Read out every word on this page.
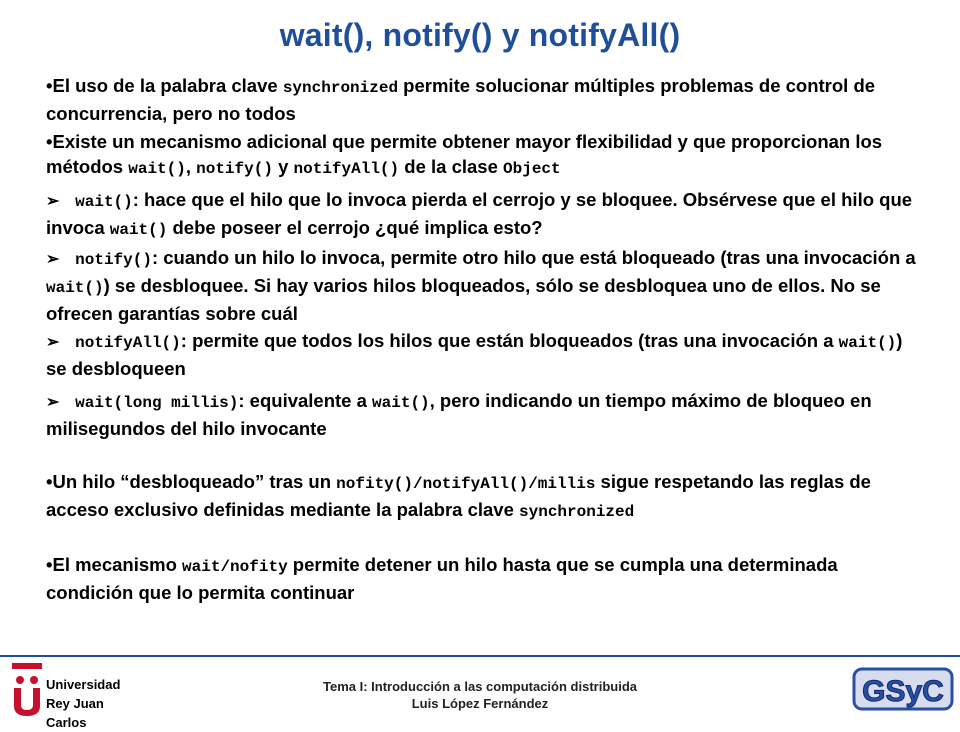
wait(), notify() y notifyAll()

•El uso de la palabra clave synchronized permite solucionar múltiples problemas de control de concurrencia, pero no todos

•Existe un mecanismo adicional que permite obtener mayor flexibilidad y que proporcionan los métodos wait(), notify() y notifyAll() de la clase Object

➢ wait(): hace que el hilo que lo invoca pierda el cerrojo y se bloquee. Obsérvese que el hilo que invoca wait() debe poseer el cerrojo ¿qué implica esto?

➢ notify(): cuando un hilo lo invoca, permite otro hilo que está bloqueado (tras una invocación a wait()) se desbloquee. Si hay varios hilos bloqueados, sólo se desbloquea uno de ellos. No se ofrecen garantías sobre cuál

➢ notifyAll(): permite que todos los hilos que están bloqueados (tras una invocación a wait()) se desbloqueen

➢ wait(long millis): equivalente a wait(), pero indicando un tiempo máximo de bloqueo en milisegundos del hilo invocante

•Un hilo “desbloqueado” tras un nofity()/notifyAll()/millis sigue respetando las reglas de acceso exclusivo definidas mediante la palabra clave synchronized

•El mecanismo wait/nofity permite detener un hilo hasta que se cumpla una determinada condición que lo permita continuar

Universidad
Rey Juan Carlos
Tema I: Introducción a las computación distribuida
Luis López Fernández	GSyC
